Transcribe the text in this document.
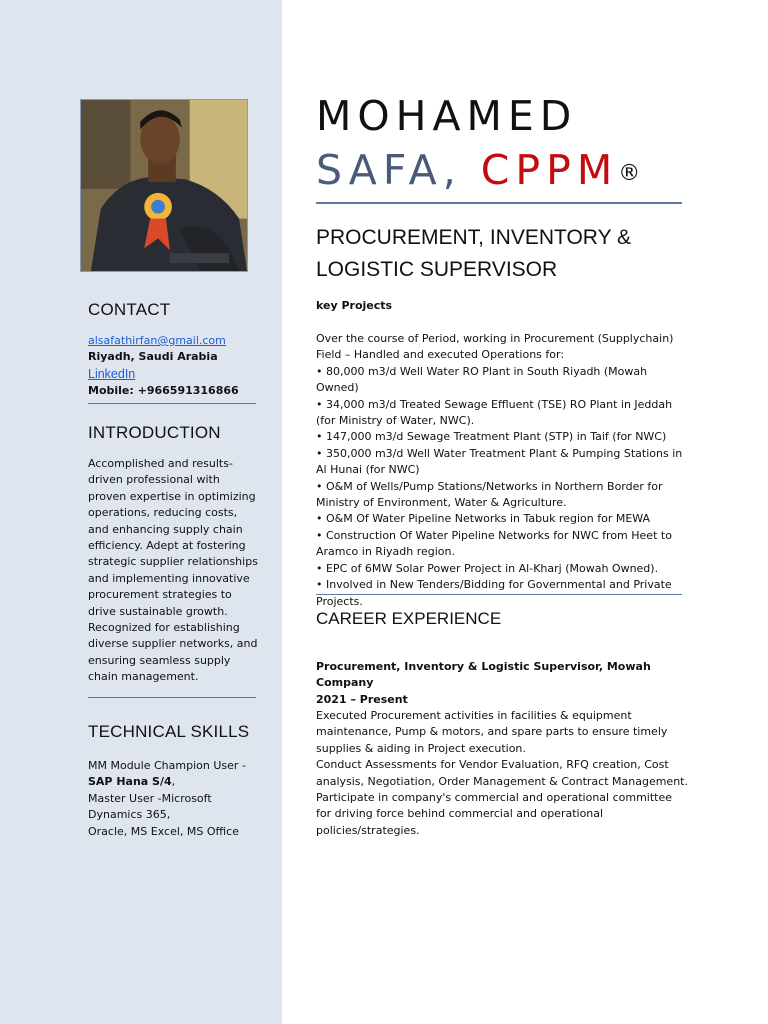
CONTACT
alsafathirfan@gmail.com
Riyadh, Saudi Arabia
LinkedIn
Mobile: +966591316866
INTRODUCTION
Accomplished and results-driven professional with proven expertise in optimizing operations, reducing costs, and enhancing supply chain efficiency. Adept at fostering strategic supplier relationships and implementing innovative procurement strategies to drive sustainable growth. Recognized for establishing diverse supplier networks, and ensuring seamless supply chain management.
TECHNICAL SKILLS
MM Module Champion User -
SAP Hana S/4,
Master User -Microsoft Dynamics 365,
Oracle, MS Excel, MS Office
MOHAMED
SAFA, CPPM®
PROCUREMENT, INVENTORY &
LOGISTIC SUPERVISOR
key Projects
Over the course of Period, working in Procurement (Supplychain) Field – Handled and executed Operations for:
• 80,000 m3/d Well Water RO Plant in South Riyadh (Mowah Owned)
• 34,000 m3/d Treated Sewage Effluent (TSE) RO Plant in Jeddah (for Ministry of Water, NWC).
• 147,000 m3/d Sewage Treatment Plant (STP) in Taif (for NWC)
• 350,000 m3/d Well Water Treatment Plant & Pumping Stations in Al Hunai (for NWC)
• O&M of Wells/Pump Stations/Networks in Northern Border for Ministry of Environment, Water & Agriculture.
• O&M Of Water Pipeline Networks in Tabuk region for MEWA
• Construction Of Water Pipeline Networks for NWC from Heet to Aramco in Riyadh region.
• EPC of 6MW Solar Power Project in Al-Kharj (Mowah Owned).
• Involved in New Tenders/Bidding for Governmental and Private Projects.
CAREER EXPERIENCE
Procurement, Inventory & Logistic Supervisor, Mowah Company
2021 – Present
Executed Procurement activities in facilities & equipment maintenance, Pump & motors, and spare parts to ensure timely supplies & aiding in Project execution.
Conduct Assessments for Vendor Evaluation, RFQ creation, Cost analysis, Negotiation, Order Management & Contract Management.
Participate in company's commercial and operational committee for driving force behind commercial and operational policies/strategies.
